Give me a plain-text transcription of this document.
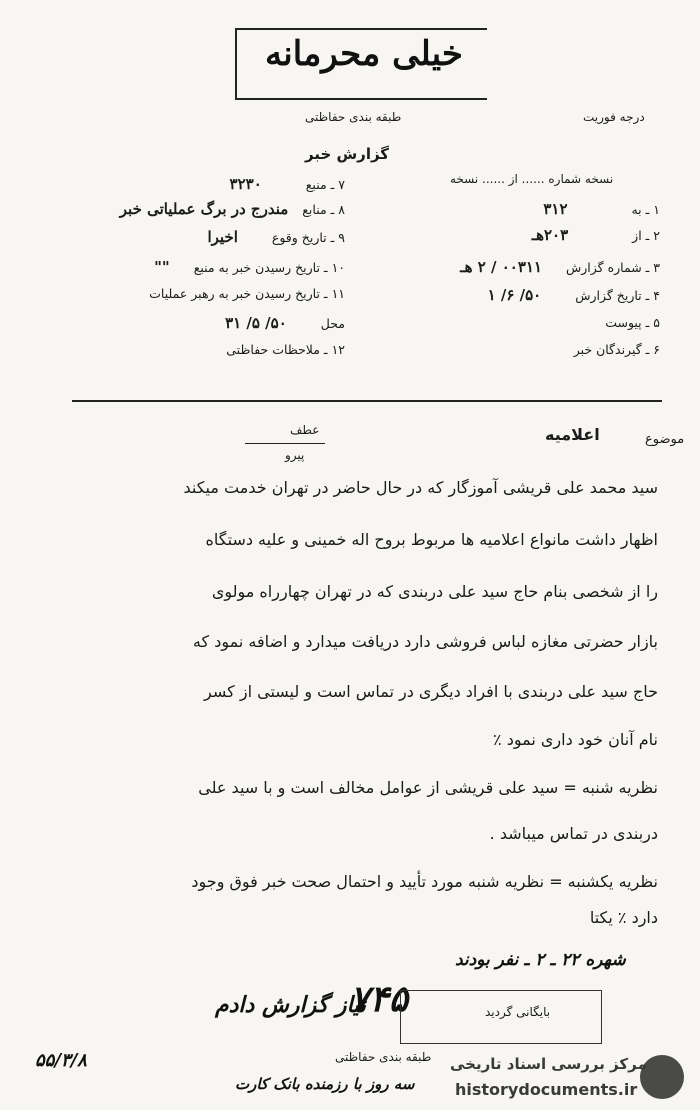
خیلی محرمانه
طبقه بندی حفاظتی	درجه فوریت
گزارش خبر
نسخه شماره ...... از ...... نسخه
۱ ـ به ۳۱۲
۲ ـ از ۲۰۳هـ
۳ ـ شماره گزارش ۰۰۳۱۱ / ۲ هـ
۴ ـ تاریخ گزارش ۵۰/ ۶/ ۱
۵ ـ پیوست
۶ ـ گیرندگان خبر
۷ ـ منبع ۳۲۳۰
۸ ـ منابع مندرج در برگ عملیاتی خبر
۹ ـ تاریخ وقوع اخیرا
۱۰ ـ تاریخ رسیدن خبر به منبع ""
۱۱ ـ تاریخ رسیدن خبر به رهبر عملیات
محل ۵۰/ ۵/ ۳۱
۱۲ ـ ملاحظات حفاظتی
موضوع
اعلامیه
عطف
پیرو
سید محمد علی قریشی آموزگار که در حال حاضر در تهران خدمت میکند
اظهار داشت مانواع اعلامیه ها مربوط بروح اله خمینی و علیه دستگاه
را از شخصی بنام حاج سید علی دربندی که در تهران چهارراه مولوی
بازار حضرتی مغازه لباس فروشی دارد دریافت میدارد و اضافه نمود که
حاج سید علی دربندی با افراد دیگری در تماس است و لیستی از کسر
نام آنان خود داری نمود ٪
نظریه شنبه = سید علی قریشی از عوامل مخالف است و با سید علی
دربندی در تماس میباشد .
نظریه یکشنبه = نظریه شنبه مورد تأیید و احتمال صحت خبر فوق وجود
دارد ٪ یکتا
شهره ۲۲ ـ ۲ ـ نفر بودند
۷۴۵	بایگانی گردید
نیاز گزارش دادم
۵۵/۳/۸
سه روز با رزمنده بانک کارت
طبقه بندی حفاظتی مرکز بررسی اسناد تاریخی
historydocuments.ir
